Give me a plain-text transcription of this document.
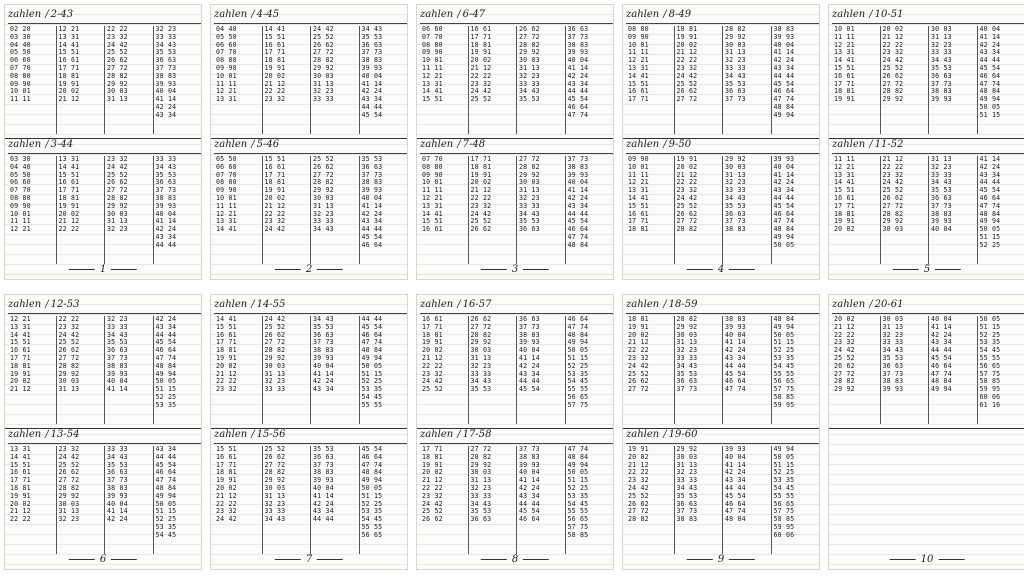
zahlen / 2-43
02 20
03 30
04 40
05 50
06 60
07 70
08 80
09 90
10 01
11 11
12 21
13 31
14 41
15 51
16 61
17 71
18 81
19 91
20 02
21 12
22 22
23 32
24 42
25 52
26 62
27 72
28 82
29 92
30 03
31 13
32 23
33 33
34 43
35 53
36 63
37 73
38 83
39 93
40 04
41 14
42 24
43 34
zahlen / 3-44
03 30
04 40
05 50
06 60
07 70
08 80
09 90
10 01
11 11
12 21
13 31
14 41
15 51
16 61
17 71
18 81
19 91
20 02
21 12
22 22
23 32
24 42
25 52
26 62
27 72
28 82
29 92
30 03
31 13
32 23
33 33
34 43
35 53
36 63
37 73
38 83
39 93
40 04
41 14
42 24
43 34
44 44
1
zahlen / 4-45
04 40
05 50
06 60
07 70
08 80
09 90
10 01
11 11
12 21
13 31
14 41
15 51
16 61
17 71
18 81
19 91
20 02
21 12
22 22
23 32
24 42
25 52
26 62
27 72
28 82
29 92
30 03
31 13
32 23
33 33
34 43
35 53
36 63
37 73
38 83
39 93
40 04
41 14
42 24
43 34
44 44
45 54
zahlen / 5-46
05 50
06 60
07 70
08 80
09 90
10 01
11 11
12 21
13 31
14 41
15 51
16 61
17 71
18 81
19 91
20 02
21 12
22 22
23 32
24 42
25 52
26 62
27 72
28 82
29 92
30 03
31 13
32 23
33 33
34 43
35 53
36 63
37 73
38 83
39 93
40 04
41 14
42 24
43 34
44 44
45 54
46 64
2
zahlen / 6-47
06 60
07 70
08 80
09 90
10 01
11 11
12 21
13 31
14 41
15 51
16 61
17 71
18 81
19 91
20 02
21 12
22 22
23 32
24 42
25 52
26 62
27 72
28 82
29 92
30 03
31 13
32 23
33 33
34 43
35 53
36 63
37 73
38 83
39 93
40 04
41 14
42 24
43 34
44 44
45 54
46 64
47 74
zahlen / 7-48
07 70
08 80
09 90
10 01
11 11
12 21
13 31
14 41
15 51
16 61
17 71
18 81
19 91
20 02
21 12
22 22
23 32
24 42
25 52
26 62
27 72
28 82
29 92
30 03
31 13
32 23
33 33
34 43
35 53
36 63
37 73
38 83
39 93
40 04
41 14
42 24
43 34
44 44
45 54
46 64
47 74
48 84
3
zahlen / 8-49
08 80
09 90
10 01
11 11
12 21
13 31
14 41
15 51
16 61
17 71
18 81
19 91
20 02
21 12
22 22
23 32
24 42
25 52
26 62
27 72
28 82
29 92
30 03
31 13
32 23
33 33
34 43
35 53
36 63
37 73
38 83
39 93
40 04
41 14
42 24
43 34
44 44
45 54
46 64
47 74
48 84
49 94
zahlen / 9-50
09 90
10 01
11 11
12 21
13 31
14 41
15 51
16 61
17 71
18 81
19 91
20 02
21 12
22 22
23 32
24 42
25 52
26 62
27 72
28 82
29 92
30 03
31 13
32 23
33 33
34 43
35 53
36 63
37 73
38 83
39 93
40 04
41 14
42 24
43 34
44 44
45 54
46 64
47 74
48 84
49 94
50 05
4
zahlen / 10-51
10 01
11 11
12 21
13 31
14 41
15 51
16 61
17 71
18 81
19 91
20 02
21 12
22 22
23 32
24 42
25 52
26 62
27 72
28 82
29 92
30 03
31 13
32 23
33 33
34 43
35 53
36 63
37 73
38 83
39 93
40 04
41 14
42 24
43 34
44 44
45 54
46 64
47 74
48 84
49 94
50 05
51 15
zahlen / 11-52
11 11
12 21
13 31
14 41
15 51
16 61
17 71
18 81
19 91
20 02
21 12
22 22
23 32
24 42
25 52
26 62
27 72
28 82
29 92
30 03
31 13
32 23
33 33
34 43
35 53
36 63
37 73
38 83
39 93
40 04
41 14
42 24
43 34
44 44
45 54
46 64
47 74
48 84
49 94
50 05
51 15
52 25
5
zahlen / 12-53
12 21
13 31
14 41
15 51
16 61
17 71
18 81
19 91
20 02
21 12
22 22
23 32
24 42
25 52
26 62
27 72
28 82
29 92
30 03
31 13
32 23
33 33
34 43
35 53
36 63
37 73
38 83
39 93
40 04
41 14
42 24
43 34
44 44
45 54
46 64
47 74
48 84
49 94
50 05
51 15
52 25
53 35
zahlen / 13-54
13 31
14 41
15 51
16 61
17 71
18 81
19 91
20 02
21 12
22 22
23 32
24 42
25 52
26 62
27 72
28 82
29 92
30 03
31 13
32 23
33 33
34 43
35 53
36 63
37 73
38 83
39 93
40 04
41 14
42 24
43 34
44 44
45 54
46 64
47 74
48 84
49 94
50 05
51 15
52 25
53 35
54 45
6
zahlen / 14-55
14 41
15 51
16 61
17 71
18 81
19 91
20 02
21 12
22 22
23 32
24 42
25 52
26 62
27 72
28 82
29 92
30 03
31 13
32 23
33 33
34 43
35 53
36 63
37 73
38 83
39 93
40 04
41 14
42 24
43 34
44 44
45 54
46 64
47 74
48 84
49 94
50 05
51 15
52 25
53 35
54 45
55 55
zahlen / 15-56
15 51
16 61
17 71
18 81
19 91
20 02
21 12
22 22
23 32
24 42
25 52
26 62
27 72
28 82
29 92
30 03
31 13
32 23
33 33
34 43
35 53
36 63
37 73
38 83
39 93
40 04
41 14
42 24
43 34
44 44
45 54
46 64
47 74
48 84
49 94
50 05
51 15
52 25
53 35
54 45
55 55
56 65
7
zahlen / 16-57
16 61
17 71
18 81
19 91
20 02
21 12
22 22
23 32
24 42
25 52
26 62
27 72
28 82
29 92
30 03
31 13
32 23
33 33
34 43
35 53
36 63
37 73
38 83
39 93
40 04
41 14
42 24
43 34
44 44
45 54
46 64
47 74
48 84
49 94
50 05
51 15
52 25
53 35
54 45
55 55
56 65
57 75
zahlen / 17-58
17 71
18 81
19 91
20 02
21 12
22 22
23 32
24 42
25 52
26 62
27 72
28 82
29 92
30 03
31 13
32 23
33 33
34 43
35 53
36 63
37 73
38 83
39 93
40 04
41 14
42 24
43 34
44 44
45 54
46 64
47 74
48 84
49 94
50 05
51 15
52 25
53 35
54 45
55 55
56 65
57 75
58 85
8
zahlen / 18-59
18 81
19 91
20 02
21 12
22 22
23 32
24 42
25 52
26 62
27 72
28 82
29 92
30 03
31 13
32 23
33 33
34 43
35 53
36 63
37 73
38 83
39 93
40 04
41 14
42 24
43 34
44 44
45 54
46 64
47 74
48 84
49 94
50 05
51 15
52 25
53 35
54 45
55 55
56 65
57 75
58 85
59 95
zahlen / 19-60
19 91
20 02
21 12
22 22
23 32
24 42
25 52
26 62
27 72
28 82
29 92
30 03
31 13
32 23
33 33
34 43
35 53
36 63
37 73
38 83
39 93
40 04
41 14
42 24
43 34
44 44
45 54
46 64
47 74
48 84
49 94
50 05
51 15
52 25
53 35
54 45
55 55
56 65
57 75
58 85
59 95
60 06
9
zahlen / 20-61
20 02
21 12
22 22
23 32
24 42
25 52
26 62
27 72
28 82
29 92
30 03
31 13
32 23
33 33
34 43
35 53
36 63
37 73
38 83
39 93
40 04
41 14
42 24
43 34
44 44
45 54
46 64
47 74
48 84
49 94
50 05
51 15
52 25
53 35
54 45
55 55
56 65
57 75
58 85
59 95
60 06
61 16
10
